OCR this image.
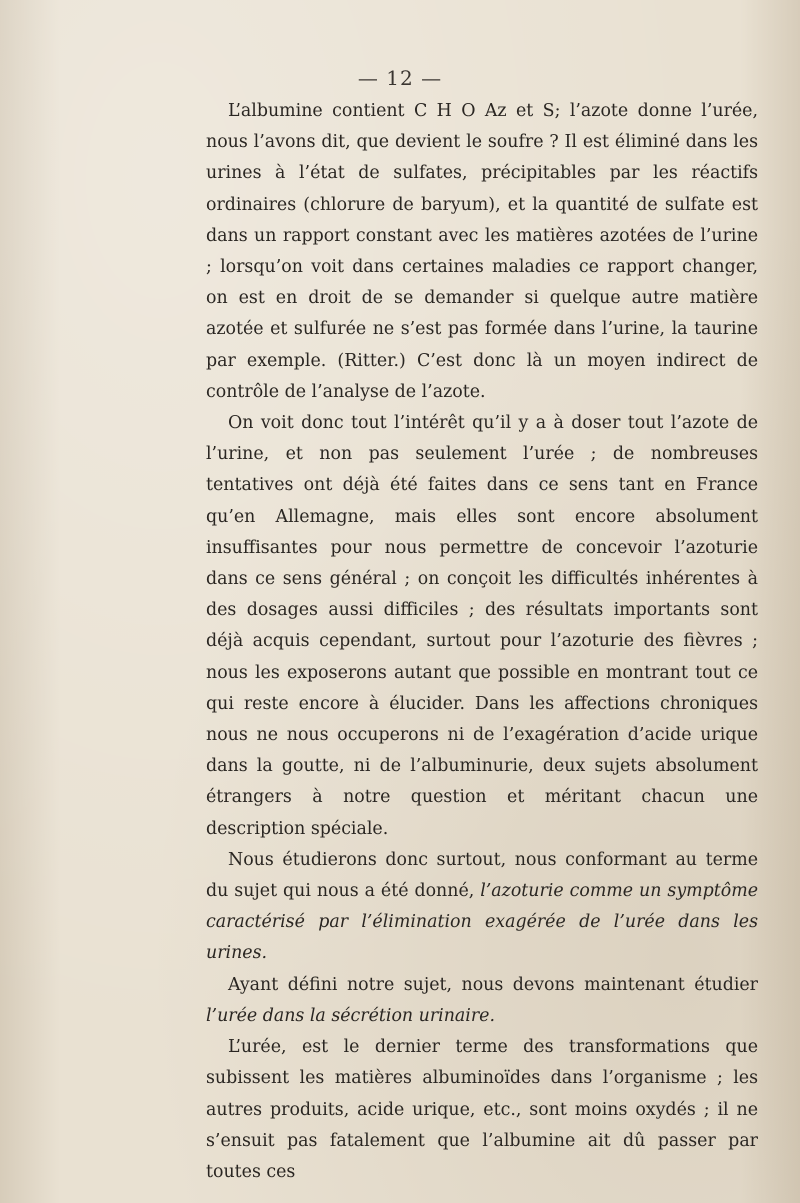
— 12 —

L’albumine contient C H O Az et S; l’azote donne l’urée, nous l’avons dit, que devient le soufre ? Il est éliminé dans les urines à l’état de sulfates, précipitables par les réactifs ordinaires (chlorure de baryum), et la quantité de sulfate est dans un rapport constant avec les matières azotées de l’urine ; lorsqu’on voit dans certaines maladies ce rapport changer, on est en droit de se demander si quelque autre matière azotée et sulfurée ne s’est pas formée dans l’urine, la taurine par exemple. (Ritter.) C’est donc là un moyen indirect de contrôle de l’analyse de l’azote.

On voit donc tout l’intérêt qu’il y a à doser tout l’azote de l’urine, et non pas seulement l’urée ; de nombreuses tentatives ont déjà été faites dans ce sens tant en France qu’en Allemagne, mais elles sont encore absolument insuffisantes pour nous permettre de concevoir l’azoturie dans ce sens général ; on conçoit les difficultés inhérentes à des dosages aussi difficiles ; des résultats importants sont déjà acquis cependant, surtout pour l’azoturie des fièvres ; nous les exposerons autant que possible en montrant tout ce qui reste encore à élucider. Dans les affections chroniques nous ne nous occuperons ni de l’exagération d’acide urique dans la goutte, ni de l’albuminurie, deux sujets absolument étrangers à notre question et méritant chacun une description spéciale.

Nous étudierons donc surtout, nous conformant au terme du sujet qui nous a été donné, l’azoturie comme un symptôme caractérisé par l’élimination exagérée de l’urée dans les urines.

Ayant défini notre sujet, nous devons maintenant étudier l’urée dans la sécrétion urinaire.

L’urée, est le dernier terme des transformations que subissent les matières albuminoïdes dans l’organisme ; les autres produits, acide urique, etc., sont moins oxydés ; il ne s’ensuit pas fatalement que l’albumine ait dû passer par toutes ces
